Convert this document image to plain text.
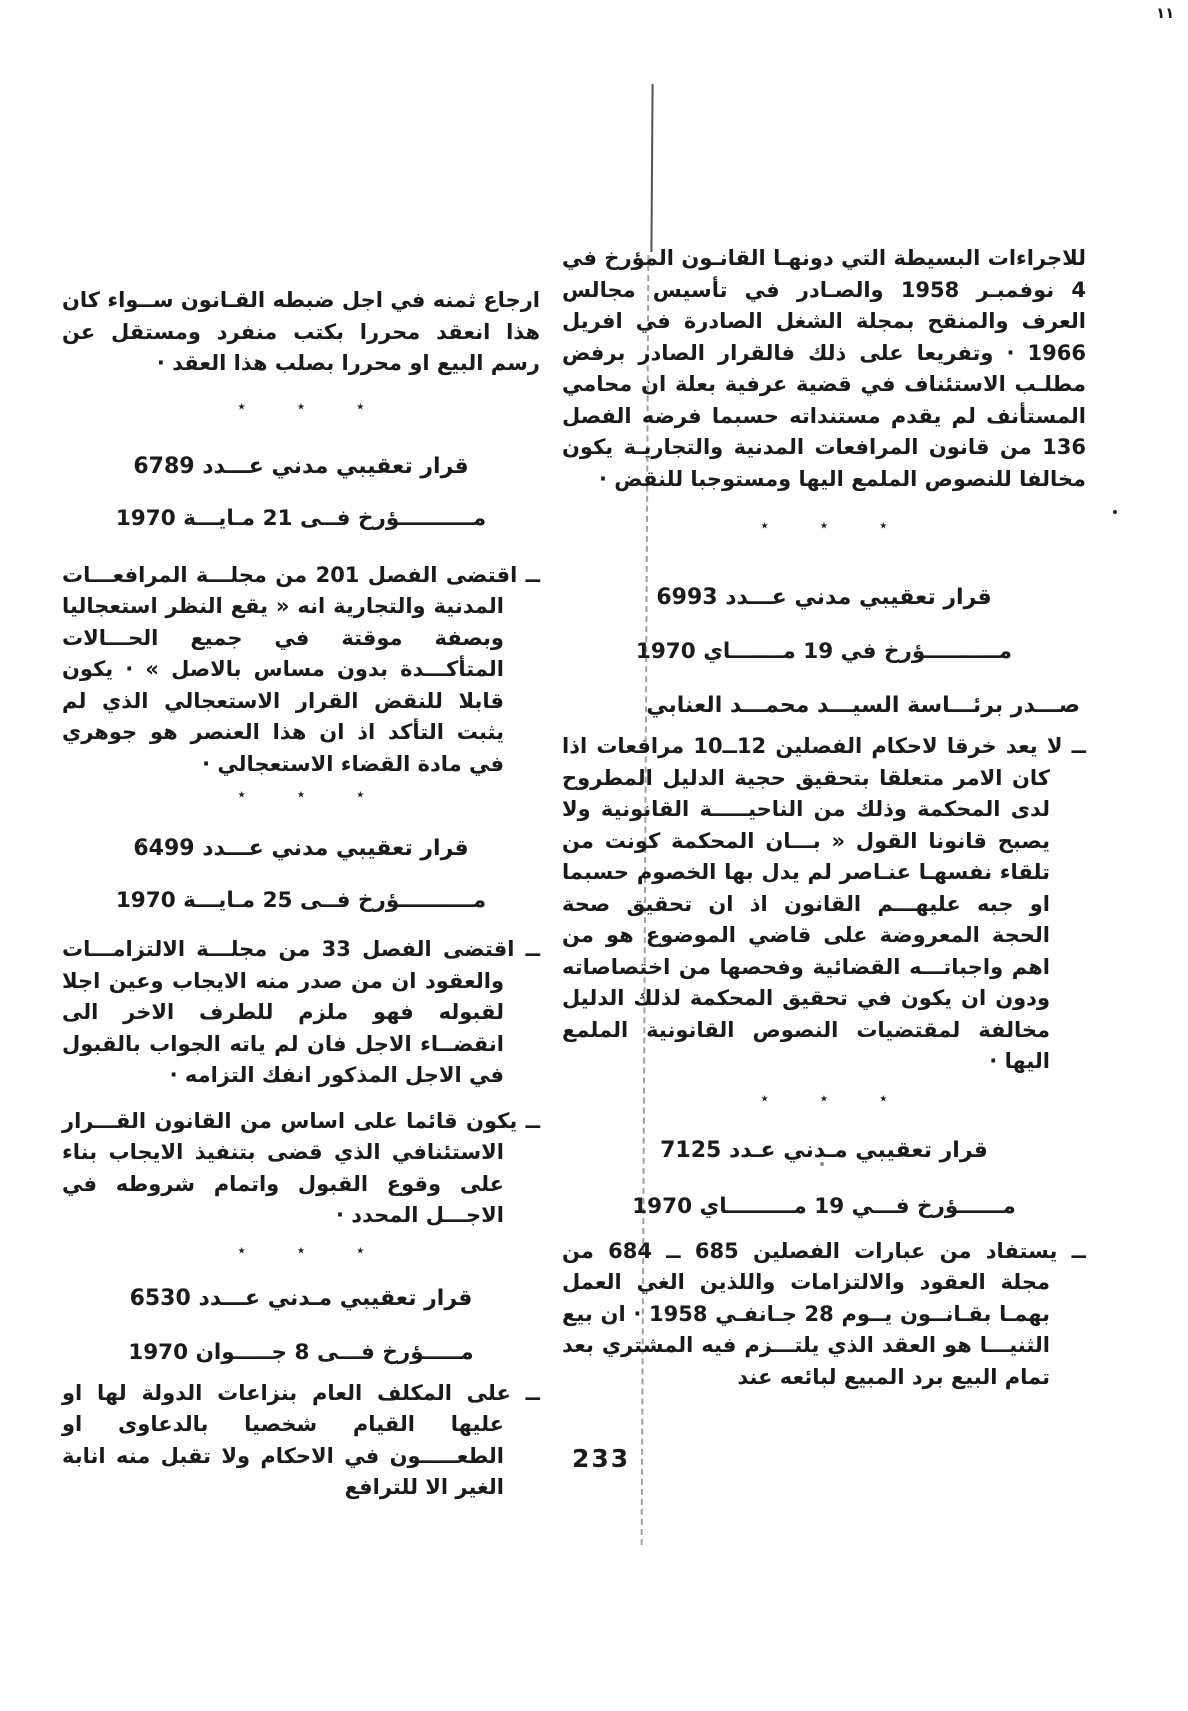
١١
للاجراءات البسيطة التي دونهـا القانـون المؤرخ في 4 نوفمبـر 1958 والصـادر في تأسيس مجالس العرف والمنقح بمجلة الشغل الصادرة في افريل 1966 · وتفريعا على ذلك فالقرار الصادر برفض مطلـب الاستئناف في قضية عرفية بعلة ان محامي المستأنف لم يقدم مستنداته حسبما فرضه الفصل 136 من قانون المرافعات المدنية والتجاريـة يكون مخالفا للنصوص الملمع اليها ومستوجبا للنقض ·
٭ ٭ ٭
قرار تعقيبي مدني عـــدد 6993
مــــــــــؤرخ في 19 مـــــــاي 1970
صـــدر برئـــاسة السيـــد محمـــد العنابي
ــ لا يعد خرقا لاحكام الفصلين 12ــ10 مرافعات اذا كان الامر متعلقا بتحقيق حجية الدليل المطروح لدى المحكمة وذلك من الناحيـــــة القانونية ولا يصبح قانونا القول « بـــان المحكمة كونت من تلقاء نفسهـا عنـاصر لم يدل بها الخصوم حسبما او جبه عليهـــم القانون اذ ان تحقيق صحة الحجة المعروضة على قاضي الموضوع هو من اهم واجباتـــه القضائية وفحصها من اختصاصاته ودون ان يكون في تحقيق المحكمة لذلك الدليل مخالفة لمقتضيات النصوص القانونية الملمع اليها ·
٭ ٭ ٭
قرار تعقيبي مـدني عـدد 7125
مــــــؤرخ فـــي 19 مـــــــــاي 1970
ــ يستفاد من عبارات الفصلين 685 ــ 684 من مجلة العقود والالتزامات واللذين الغي العمل بهمـا بقـانــون يــوم 28 جـانفـي 1958 · ان بيع الثنيـــا هو العقد الذي يلتـــزم فيه المشتري بعد تمام البيع برد المبيع لبائعه عند
ارجاع ثمنه في اجل ضبطه القـانون ســواء كان هذا انعقد محررا بكتب منفرد ومستقل عن رسم البيع او محررا بصلب هذا العقد ·
٭ ٭ ٭
قرار تعقيبي مدني عـــدد 6789
مــــــــــؤرخ فــى 21 مـايـــة 1970
ــ اقتضى الفصل 201 من مجلـــة المرافعـــات المدنية والتجارية انه « يقع النظر استعجاليا وبصفة موقتة في جميع الحـــالات المتأكـــدة بدون مساس بالاصل » · يكون قابلا للنقض القرار الاستعجالي الذي لم يثبت التأكد اذ ان هذا العنصر هو جوهري في مادة القضاء الاستعجالي ·
٭ ٭ ٭
قرار تعقيبي مدني عـــدد 6499
مــــــــــؤرخ فــى 25 مـايـــة 1970
ــ اقتضى الفصل 33 من مجلـــة الالتزامـــات والعقود ان من صدر منه الايجاب وعين اجلا لقبوله فهو ملزم للطرف الاخر الى انقضــاء الاجل فان لم ياته الجواب بالقبول في الاجل المذكور انفك التزامه ·
ــ يكون قائما على اساس من القانون القـــرار الاستئنافي الذي قضى بتنفيذ الايجاب بناء على وقوع القبول واتمام شروطه في الاجـــل المحدد ·
٭ ٭ ٭
قرار تعقيبي مـدني عـــدد 6530
مـــــؤرخ فـــى 8 جـــــوان 1970
ــ على المكلف العام بنزاعات الدولة لها او عليها القيام شخصيا بالدعاوى او الطعـــــون في الاحكام ولا تقبل منه انابة الغير الا للترافع
233
